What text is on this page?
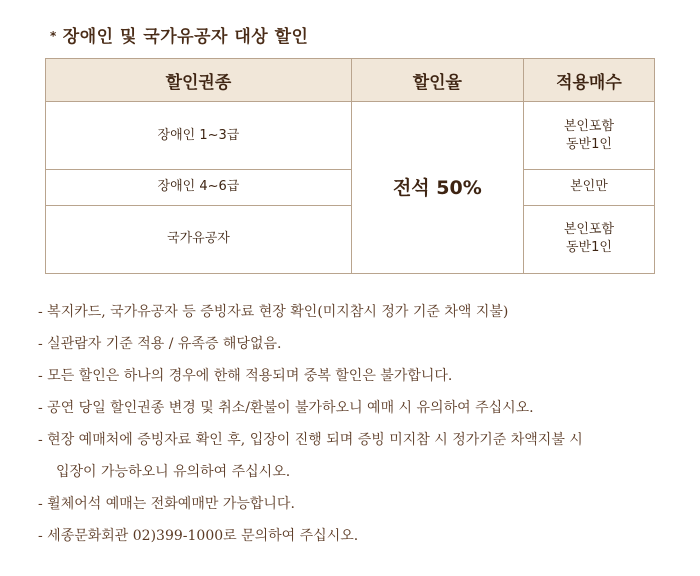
* 장애인 및 국가유공자 대상 할인
할인권종	할인율	적용매수
장애인 1~3급	전석 50%	본인포함
동반1인

장애인 4~6급		본인만

국가유공자		본인포함
동반1인
- 복지카드, 국가유공자 등 증빙자료 현장 확인(미지참시 정가 기준 차액 지불)
- 실관람자 기준 적용 / 유족증 해당없음.
- 모든 할인은 하나의 경우에 한해 적용되며 중복 할인은 불가합니다.
- 공연 당일 할인권종 변경 및 취소/환불이 불가하오니 예매 시 유의하여 주십시오.
- 현장 예매처에 증빙자료 확인 후, 입장이 진행 되며 증빙 미지참 시 정가기준 차액지불 시
입장이 가능하오니 유의하여 주십시오.
- 휠체어석 예매는 전화예매만 가능합니다.
- 세종문화회관 02)399-1000로 문의하여 주십시오.
